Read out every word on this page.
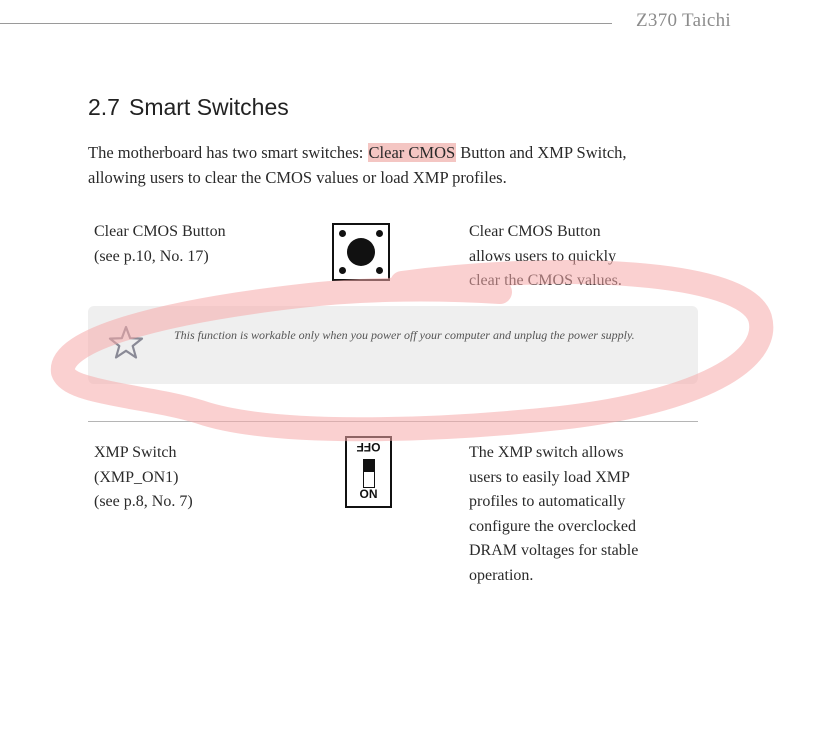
Z370 Taichi
2.7 Smart Switches
The motherboard has two smart switches: Clear CMOS Button and XMP Switch, allowing users to clear the CMOS values or load XMP profiles.
Clear CMOS Button
(see p.10, No. 17)
Clear CMOS Button
allows users to quickly
clear the CMOS values.
This function is workable only when you power off your computer and unplug the power supply.
XMP Switch
(XMP_ON1)
(see p.8, No. 7)
OFF
ON
The XMP switch allows
users to easily load XMP
profiles to automatically
configure the overclocked
DRAM voltages for stable
operation.
